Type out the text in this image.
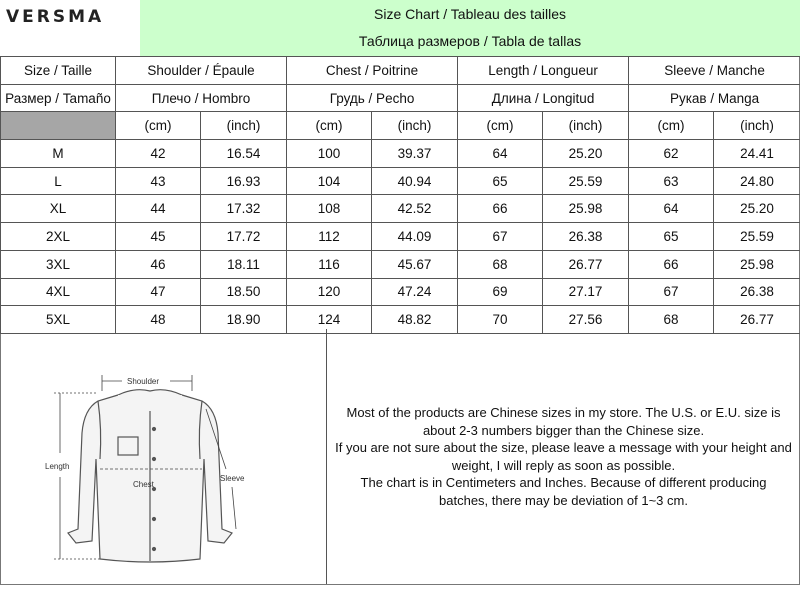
VERSMA	Size Chart / Tableau des tailles
Таблица размеров / Tabla de tallas
Size / Taille	Shoulder / Épaule		Chest / Poitrine		Length / Longueur		Sleeve / Manche	
Размер / Tamaño	Плечо / Hombro		Грудь / Pecho		Длина / Longitud		Рукав / Manga	
	(cm)	(inch)	(cm)	(inch)	(cm)	(inch)	(cm)	(inch)
M	42	16.54	100	39.37	64	25.20	62	24.41
L	43	16.93	104	40.94	65	25.59	63	24.80
XL	44	17.32	108	42.52	66	25.98	64	25.20
2XL	45	17.72	112	44.09	67	26.38	65	25.59
3XL	46	18.11	116	45.67	68	26.77	66	25.98
4XL	47	18.50	120	47.24	69	27.17	67	26.38
5XL	48	18.90	124	48.82	70	27.56	68	26.77
Shoulder
Chest
Length
Sleeve

Most of the products are Chinese sizes in my store. The U.S. or E.U. size is

about 2-3 numbers bigger than the Chinese size.

If you are not sure about the size, please leave a message with your height and

weight, I will reply as soon as possible.

The chart is in Centimeters and Inches. Because of different producing

batches, there may be deviation of 1~3 cm.
